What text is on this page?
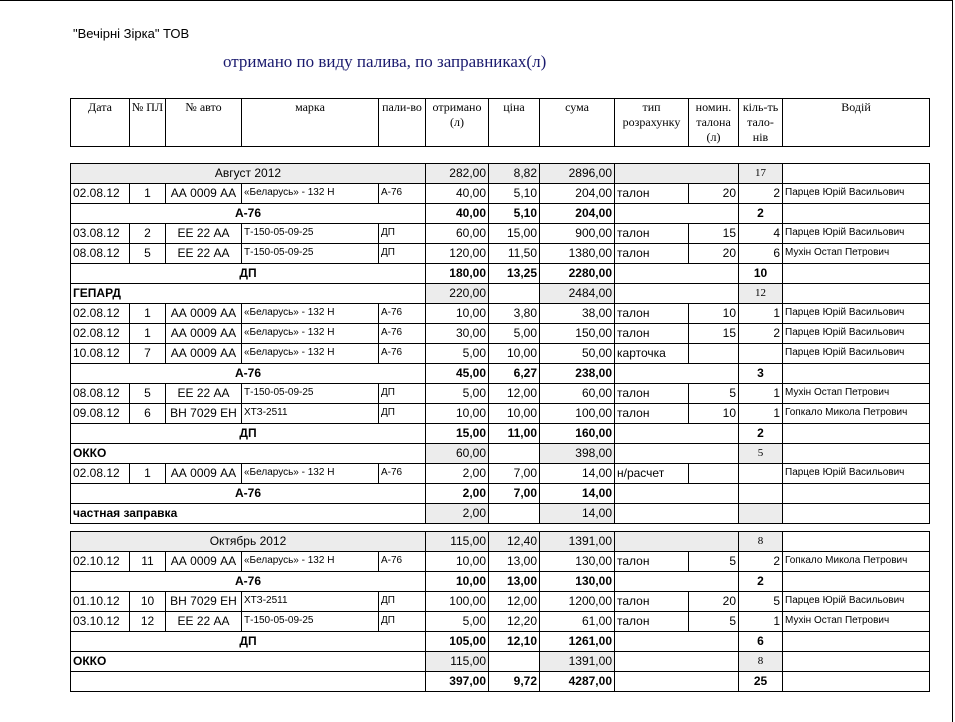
"Вечірні Зірка" ТОВ
отримано по виду палива, по заправниках(л)
Дата	№ ПЛ	№ авто	марка	пали-во	отримано (л)	ціна	сума	тип розрахунку	номин. талона (л)	кіль-ть тало-нів	Водій

Август 2012					282,00	8,82	2896,00			17	
02.08.12	1	АА 0009 АА	«Беларусь» - 132 Н	А-76	40,00	5,10	204,00	талон	20	2	Парцев Юрій Васильович
А-76					40,00	5,10	204,00			2	
03.08.12	2	ЕЕ 22 АА	Т-150-05-09-25	ДП	60,00	15,00	900,00	талон	15	4	Парцев Юрій Васильович
08.08.12	5	ЕЕ 22 АА	Т-150-05-09-25	ДП	120,00	11,50	1380,00	талон	20	6	Мухін Остап Петрович
ДП					180,00	13,25	2280,00			10	
ГЕПАРД					220,00		2484,00			12	
02.08.12	1	АА 0009 АА	«Беларусь» - 132 Н	А-76	10,00	3,80	38,00	талон	10	1	Парцев Юрій Васильович
02.08.12	1	АА 0009 АА	«Беларусь» - 132 Н	А-76	30,00	5,00	150,00	талон	15	2	Парцев Юрій Васильович
10.08.12	7	АА 0009 АА	«Беларусь» - 132 Н	А-76	5,00	10,00	50,00	карточка			Парцев Юрій Васильович
А-76					45,00	6,27	238,00			3	
08.08.12	5	ЕЕ 22 АА	Т-150-05-09-25	ДП	5,00	12,00	60,00	талон	5	1	Мухін Остап Петрович
09.08.12	6	ВН 7029 ЕН	ХТЗ-2511	ДП	10,00	10,00	100,00	талон	10	1	Гопкало Микола Петрович
ДП					15,00	11,00	160,00			2	
ОККО					60,00		398,00			5	
02.08.12	1	АА 0009 АА	«Беларусь» - 132 Н	А-76	2,00	7,00	14,00	н/расчет			Парцев Юрій Васильович
А-76					2,00	7,00	14,00				
частная заправка					2,00		14,00				

Октябрь 2012					115,00	12,40	1391,00			8	
02.10.12	11	АА 0009 АА	«Беларусь» - 132 Н	А-76	10,00	13,00	130,00	талон	5	2	Гопкало Микола Петрович
А-76					10,00	13,00	130,00			2	
01.10.12	10	ВН 7029 ЕН	ХТЗ-2511	ДП	100,00	12,00	1200,00	талон	20	5	Парцев Юрій Васильович
03.10.12	12	ЕЕ 22 АА	Т-150-05-09-25	ДП	5,00	12,20	61,00	талон	5	1	Мухін Остап Петрович
ДП					105,00	12,10	1261,00			6	
ОККО					115,00		1391,00			8	
					397,00	9,72	4287,00			25	
